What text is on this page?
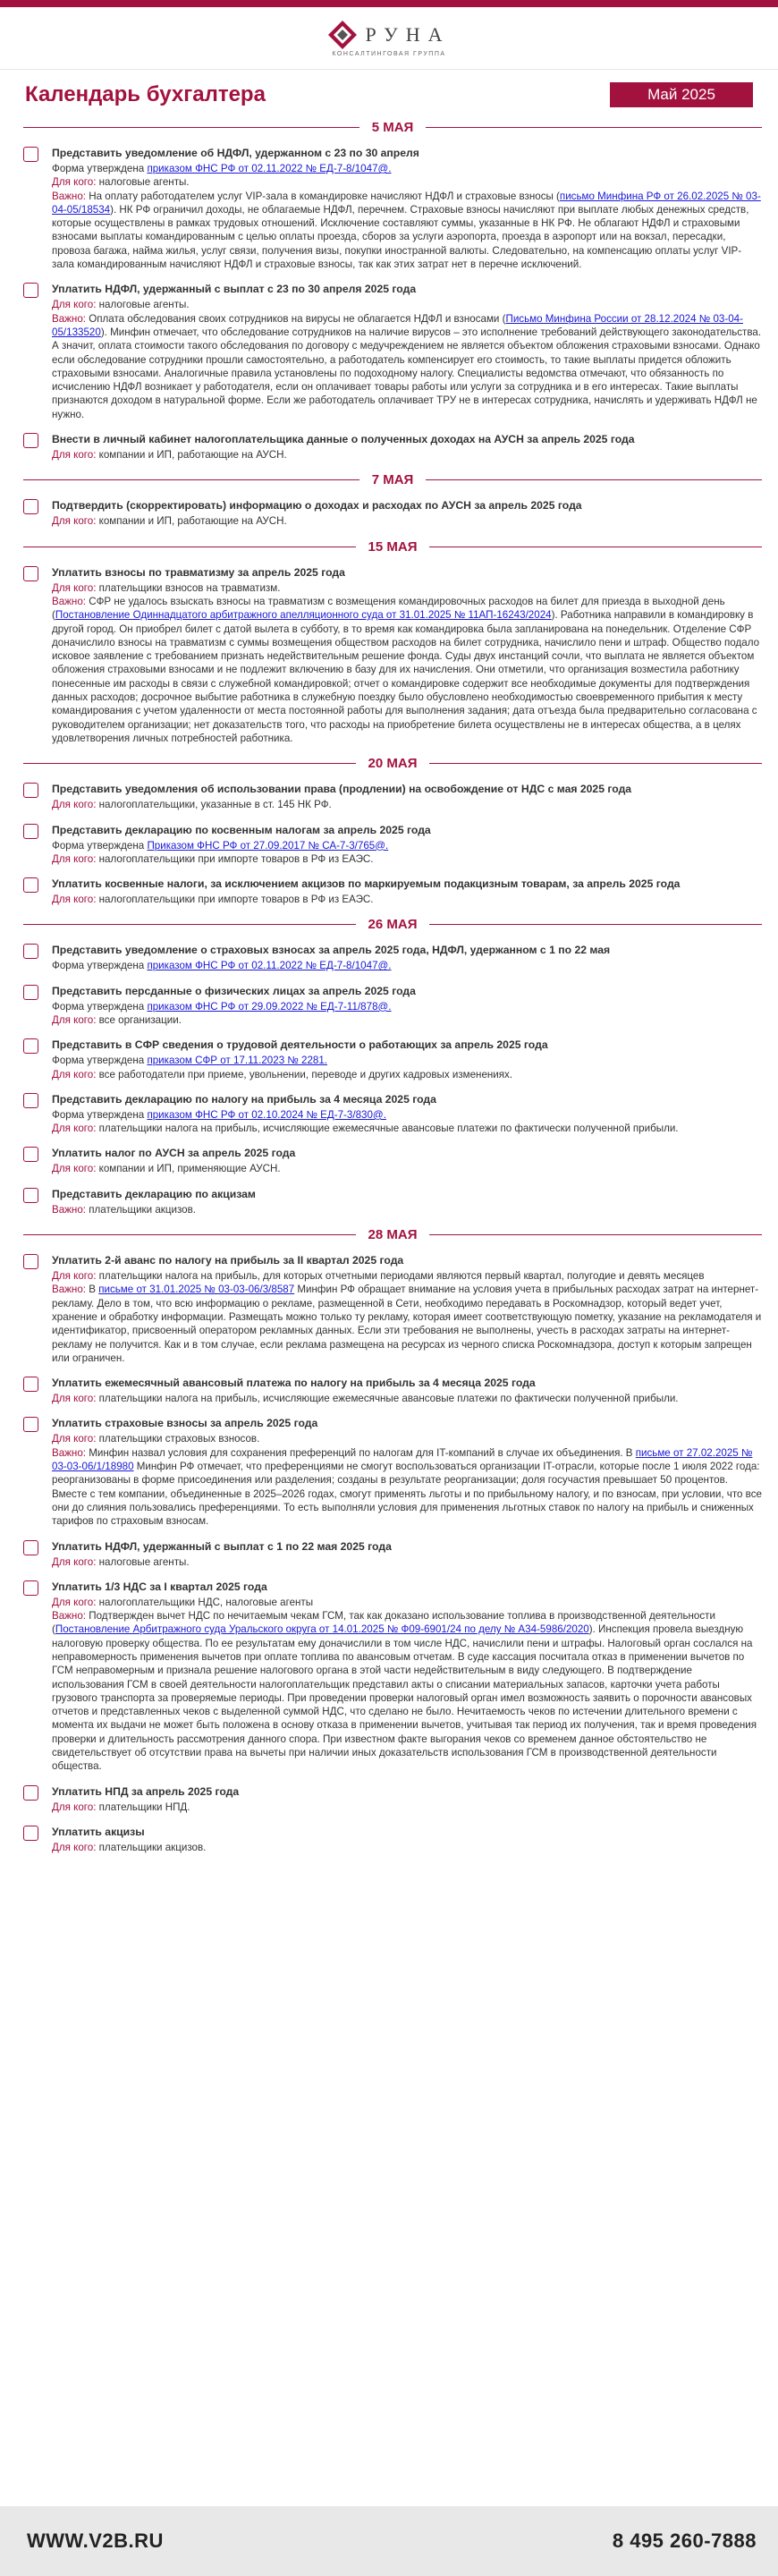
РУНА
КОНСАЛТИНГОВАЯ ГРУППА
Календарь бухгалтера	Май 2025
5 МАЯ
Представить уведомление об НДФЛ, удержанном с 23 по 30 апреля
Форма утверждена приказом ФНС РФ от 02.11.2022 № ЕД-7-8/1047@.
Для кого: налоговые агенты.
Важно: На оплату работодателем услуг VIP-зала в командировке начисляют НДФЛ и страховые взносы (письмо Минфина РФ от 26.02.2025 № 03-04-05/18534). НК РФ ограничил доходы, не облагаемые НДФЛ, перечнем. Страховые взносы начисляют при выплате любых денежных средств, которые осуществлены в рамках трудовых отношений. Исключение составляют суммы, указанные в НК РФ. Не облагают НДФЛ и страховыми взносами выплаты командированным с целью оплаты проезда, сборов за услуги аэропорта, проезда в аэропорт или на вокзал, пересадки, провоза багажа, найма жилья, услуг связи, получения визы, покупки иностранной валюты. Следовательно, на компенсацию оплаты услуг VIP-зала командированным начисляют НДФЛ и страховые взносы, так как этих затрат нет в перечне исключений.
Уплатить НДФЛ, удержанный с выплат с 23 по 30 апреля 2025 года
Для кого: налоговые агенты.
Важно: Оплата обследования своих сотрудников на вирусы не облагается НДФЛ и взносами (Письмо Минфина России от 28.12.2024 № 03-04-05/133520). Минфин отмечает, что обследование сотрудников на наличие вирусов – это исполнение требований действующего законодательства. А значит, оплата стоимости такого обследования по договору с медучреждением не является объектом обложения страховыми взносами. Однако если обследование сотрудники прошли самостоятельно, а работодатель компенсирует его стоимость, то такие выплаты придется обложить страховыми взносами. Аналогичные правила установлены по подоходному налогу. Специалисты ведомства отмечают, что обязанность по исчислению НДФЛ возникает у работодателя, если он оплачивает товары работы или услуги за сотрудника и в его интересах. Такие выплаты признаются доходом в натуральной форме. Если же работодатель оплачивает ТРУ не в интересах сотрудника, начислять и удерживать НДФЛ не нужно.
Внести в личный кабинет налогоплательщика данные о полученных доходах на АУСН за апрель 2025 года
Для кого: компании и ИП, работающие на АУСН.
7 МАЯ
Подтвердить (скорректировать) информацию о доходах и расходах по АУСН за апрель 2025 года
Для кого: компании и ИП, работающие на АУСН.
15 МАЯ
Уплатить взносы по травматизму за апрель 2025 года
Для кого: плательщики взносов на травматизм.
Важно: СФР не удалось взыскать взносы на травматизм с возмещения командировочных расходов на билет для приезда в выходной день (Постановление Одиннадцатого арбитражного апелляционного суда от 31.01.2025 № 11АП-16243/2024). Работника направили в командировку в другой город. Он приобрел билет с датой вылета в субботу, в то время как командировка была запланирована на понедельник. Отделение СФР доначислило взносы на травматизм с суммы возмещения обществом расходов на билет сотрудника, начислило пени и штраф. Общество подало исковое заявление с требованием признать недействительным решение фонда. Суды двух инстанций сочли, что выплата не является объектом обложения страховыми взносами и не подлежит включению в базу для их начисления. Они отметили, что организация возместила работнику понесенные им расходы в связи с служебной командировкой; отчет о командировке содержит все необходимые документы для подтверждения данных расходов; досрочное выбытие работника в служебную поездку было обусловлено необходимостью своевременного прибытия к месту командирования с учетом удаленности от места постоянной работы для выполнения задания; дата отъезда была предварительно согласована с руководителем организации; нет доказательств того, что расходы на приобретение билета осуществлены не в интересах общества, а в целях удовлетворения личных потребностей работника.
20 МАЯ
Представить уведомления об использовании права (продлении) на освобождение от НДС с мая 2025 года
Для кого: налогоплательщики, указанные в ст. 145 НК РФ.
Представить декларацию по косвенным налогам за апрель 2025 года
Форма утверждена Приказом ФНС РФ от 27.09.2017 № СА-7-3/765@.
Для кого: налогоплательщики при импорте товаров в РФ из ЕАЭС.
Уплатить косвенные налоги, за исключением акцизов по маркируемым подакцизным товарам, за апрель 2025 года
Для кого: налогоплательщики при импорте товаров в РФ из ЕАЭС.
26 МАЯ
Представить уведомление о страховых взносах за апрель 2025 года, НДФЛ, удержанном с 1 по 22 мая
Форма утверждена приказом ФНС РФ от 02.11.2022 № ЕД-7-8/1047@.
Представить персданные о физических лицах за апрель 2025 года
Форма утверждена приказом ФНС РФ от 29.09.2022 № ЕД-7-11/878@.
Для кого: все организации.
Представить в СФР сведения о трудовой деятельности о работающих за апрель 2025 года
Форма утверждена приказом СФР от 17.11.2023 № 2281.
Для кого: все работодатели при приеме, увольнении, переводе и других кадровых изменениях.
Представить декларацию по налогу на прибыль за 4 месяца 2025 года
Форма утверждена приказом ФНС РФ от 02.10.2024 № ЕД-7-3/830@.
Для кого: плательщики налога на прибыль, исчисляющие ежемесячные авансовые платежи по фактически полученной прибыли.
Уплатить налог по АУСН за апрель 2025 года
Для кого: компании и ИП, применяющие АУСН.
Представить декларацию по акцизам
Важно: плательщики акцизов.
28 МАЯ
Уплатить 2-й аванс по налогу на прибыль за II квартал 2025 года
Для кого: плательщики налога на прибыль, для которых отчетными периодами являются первый квартал, полугодие и девять месяцев
Важно: В письме от 31.01.2025 № 03-03-06/3/8587 Минфин РФ обращает внимание на условия учета в прибыльных расходах затрат на интернет-рекламу. Дело в том, что всю информацию о рекламе, размещенной в Сети, необходимо передавать в Роскомнадзор, который ведет учет, хранение и обработку информации. Размещать можно только ту рекламу, которая имеет соответствующую пометку, указание на рекламодателя и идентификатор, присвоенный оператором рекламных данных. Если эти требования не выполнены, учесть в расходах затраты на интернет-рекламу не получится. Как и в том случае, если реклама размещена на ресурсах из черного списка Роскомнадзора, доступ к которым запрещен или ограничен.
Уплатить ежемесячный авансовый платежа по налогу на прибыль за 4 месяца 2025 года
Для кого: плательщики налога на прибыль, исчисляющие ежемесячные авансовые платежи по фактически полученной прибыли.
Уплатить страховые взносы за апрель 2025 года
Для кого: плательщики страховых взносов.
Важно: Минфин назвал условия для сохранения преференций по налогам для IT-компаний в случае их объединения. В письме от 27.02.2025 № 03-03-06/1/18980 Минфин РФ отмечает, что преференциями не смогут воспользоваться организации IT-отрасли, которые после 1 июля 2022 года: реорганизованы в форме присоединения или разделения; созданы в результате реорганизации; доля госучастия превышает 50 процентов. Вместе с тем компании, объединенные в 2025–2026 годах, смогут применять льготы и по прибыльному налогу, и по взносам, при условии, что все они до слияния пользовались преференциями. То есть выполняли условия для применения льготных ставок по налогу на прибыль и сниженных тарифов по страховым взносам.
Уплатить НДФЛ, удержанный с выплат с 1 по 22 мая 2025 года
Для кого: налоговые агенты.
Уплатить 1/3 НДС за I квартал 2025 года
Для кого: налогоплательщики НДС, налоговые агенты
Важно: Подтвержден вычет НДС по нечитаемым чекам ГСМ, так как доказано использование топлива в производственной деятельности (Постановление Арбитражного суда Уральского округа от 14.01.2025 № Ф09-6901/24 по делу № А34-5986/2020). Инспекция провела выездную налоговую проверку общества. По ее результатам ему доначислили в том числе НДС, начислили пени и штрафы. Налоговый орган сослался на неправомерность применения вычетов при оплате топлива по авансовым отчетам. В суде кассация посчитала отказ в применении вычетов по ГСМ неправомерным и признала решение налогового органа в этой части недействительным в виду следующего. В подтверждение использования ГСМ в своей деятельности налогоплательщик представил акты о списании материальных запасов, карточки учета работы грузового транспорта за проверяемые периоды. При проведении проверки налоговый орган имел возможность заявить о порочности авансовых отчетов и представленных чеков с выделенной суммой НДС, что сделано не было. Нечитаемость чеков по истечении длительного времени с момента их выдачи не может быть положена в основу отказа в применении вычетов, учитывая так период их получения, так и время проведения проверки и длительность рассмотрения данного спора. При известном факте выгорания чеков со временем данное обстоятельство не свидетельствует об отсутствии права на вычеты при наличии иных доказательств использования ГСМ в производственной деятельности общества.
Уплатить НПД за апрель 2025 года
Для кого: плательщики НПД.
Уплатить акцизы
Для кого: плательщики акцизов.
WWW.V2B.RU	8 495 260-7888
